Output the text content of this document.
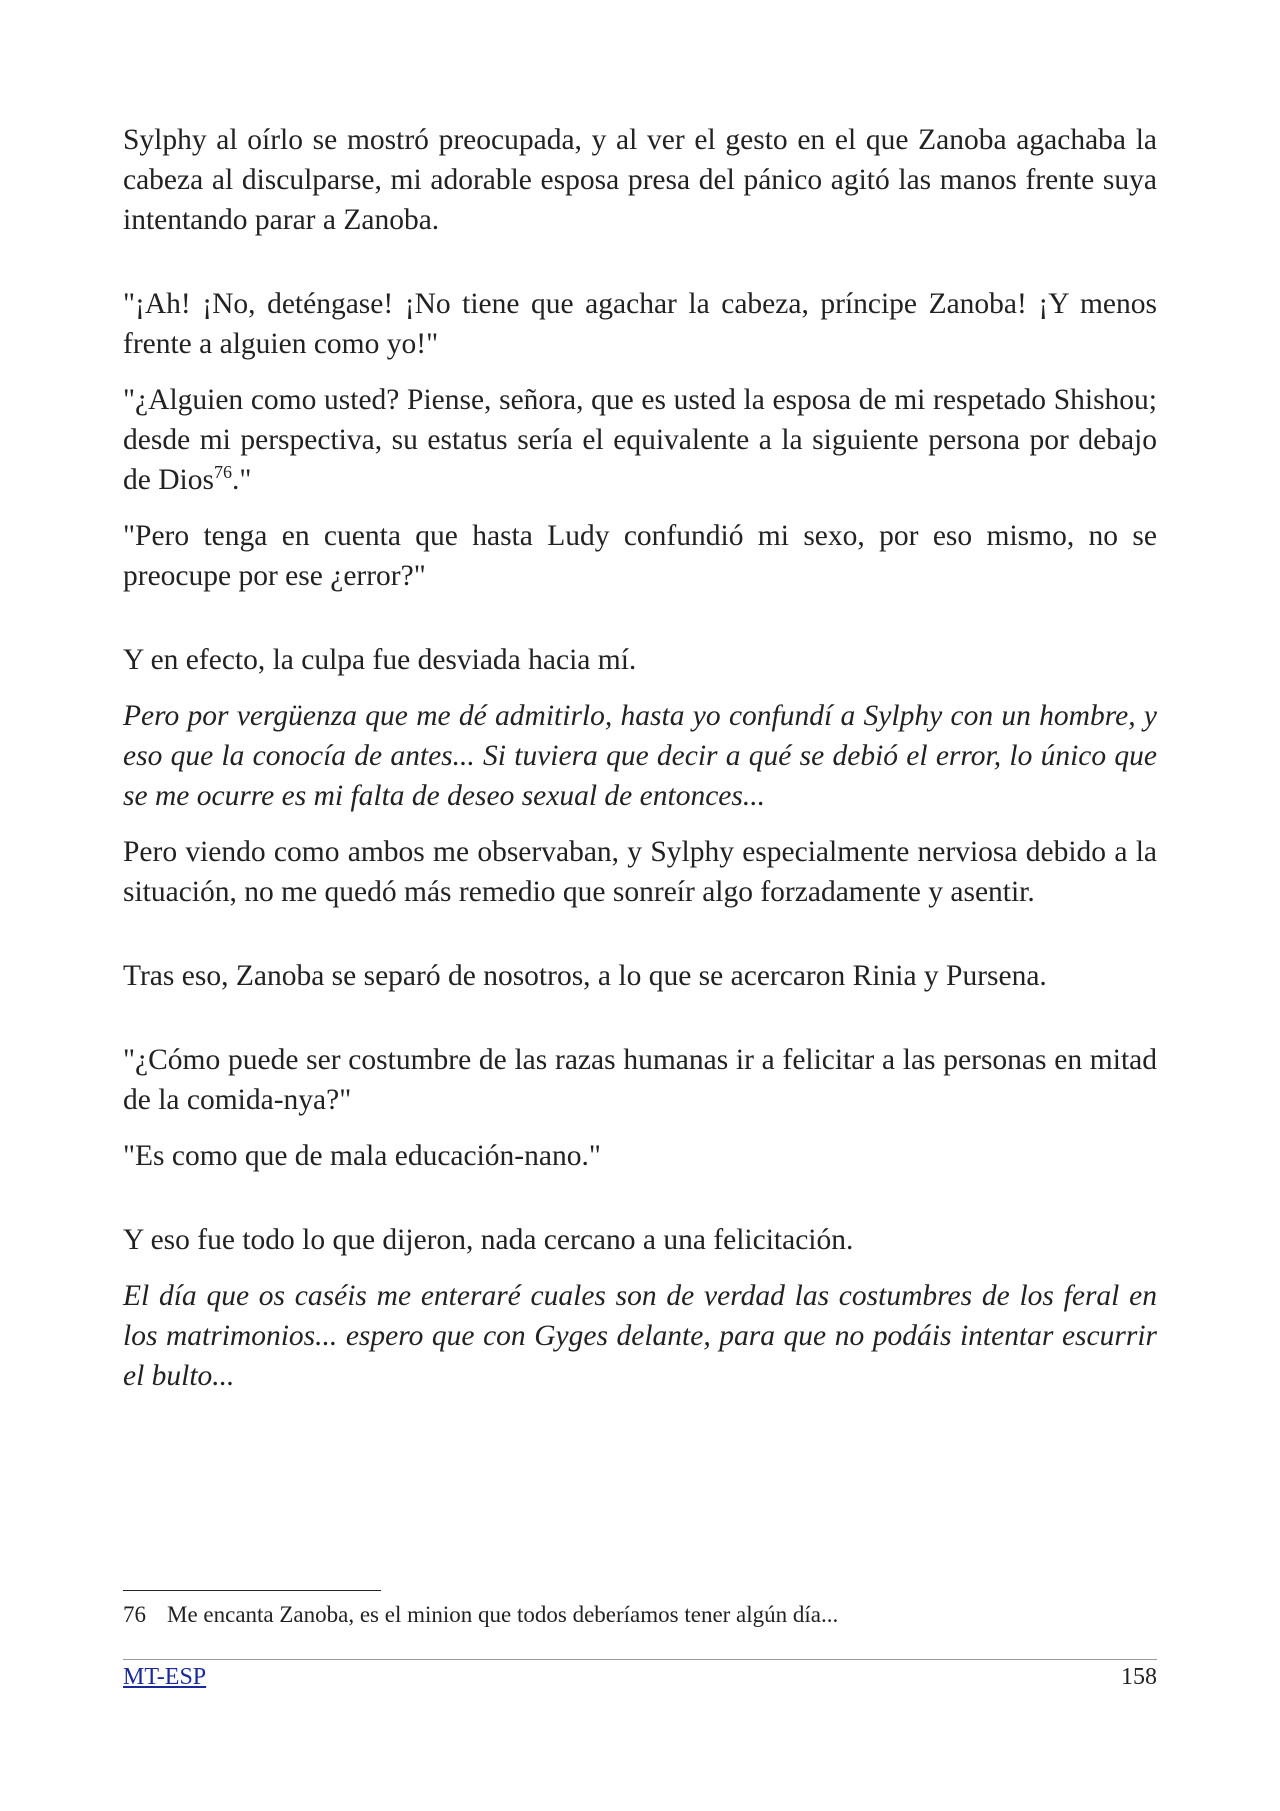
Sylphy al oírlo se mostró preocupada, y al ver el gesto en el que Zanoba agachaba la cabeza al disculparse, mi adorable esposa presa del pánico agitó las manos frente suya intentando parar a Zanoba.

"¡Ah! ¡No, deténgase! ¡No tiene que agachar la cabeza, príncipe Zanoba! ¡Y menos frente a alguien como yo!"

"¿Alguien como usted? Piense, señora, que es usted la esposa de mi respetado Shishou; desde mi perspectiva, su estatus sería el equivalente a la siguiente persona por debajo de Dios$^{76}$."

"Pero tenga en cuenta que hasta Ludy confundió mi sexo, por eso mismo, no se preocupe por ese ¿error?"

Y en efecto, la culpa fue desviada hacia mí.

Pero por vergüenza que me dé admitirlo, hasta yo confundí a Sylphy con un hombre, y eso que la conocía de antes... Si tuviera que decir a qué se debió el error, lo único que se me ocurre es mi falta de deseo sexual de entonces...

Pero viendo como ambos me observaban, y Sylphy especialmente nerviosa debido a la situación, no me quedó más remedio que sonreír algo forzadamente y asentir.

Tras eso, Zanoba se separó de nosotros, a lo que se acercaron Rinia y Pursena.

"¿Cómo puede ser costumbre de las razas humanas ir a felicitar a las personas en mitad de la comida-nya?"

"Es como que de mala educación-nano."

Y eso fue todo lo que dijeron, nada cercano a una felicitación.

El día que os caséis me enteraré cuales son de verdad las costumbres de los feral en los matrimonios... espero que con Gyges delante, para que no podáis intentar escurrir el bulto...

76 Me encanta Zanoba, es el minion que todos deberíamos tener algún día...
MT-ESP	158
